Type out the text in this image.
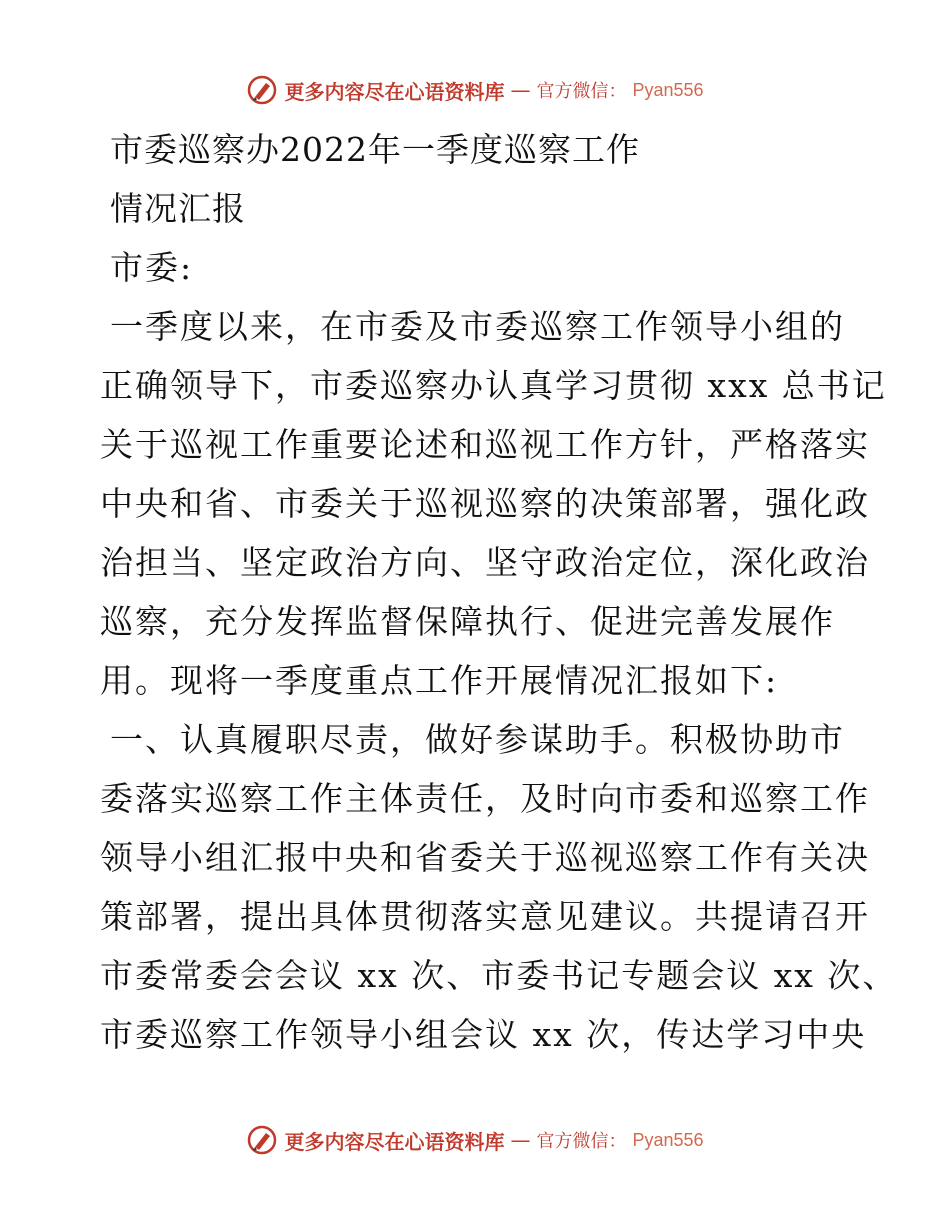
更多内容尽在心语资料库 — 官方微信： Pyan556
市委巡察办2022年一季度巡察工作
情况汇报
市委:
一季度以来，在市委及市委巡察工作领导小组的
正确领导下，市委巡察办认真学习贯彻 xxx 总书记
关于巡视工作重要论述和巡视工作方针，严格落实
中央和省、市委关于巡视巡察的决策部署，强化政
治担当、坚定政治方向、坚守政治定位，深化政治
巡察，充分发挥监督保障执行、促进完善发展作
用。现将一季度重点工作开展情况汇报如下:
一、认真履职尽责，做好参谋助手。积极协助市
委落实巡察工作主体责任，及时向市委和巡察工作
领导小组汇报中央和省委关于巡视巡察工作有关决
策部署，提出具体贯彻落实意见建议。共提请召开
市委常委会会议 xx 次、市委书记专题会议 xx 次、
市委巡察工作领导小组会议 xx 次，传达学习中央
更多内容尽在心语资料库 — 官方微信： Pyan556
